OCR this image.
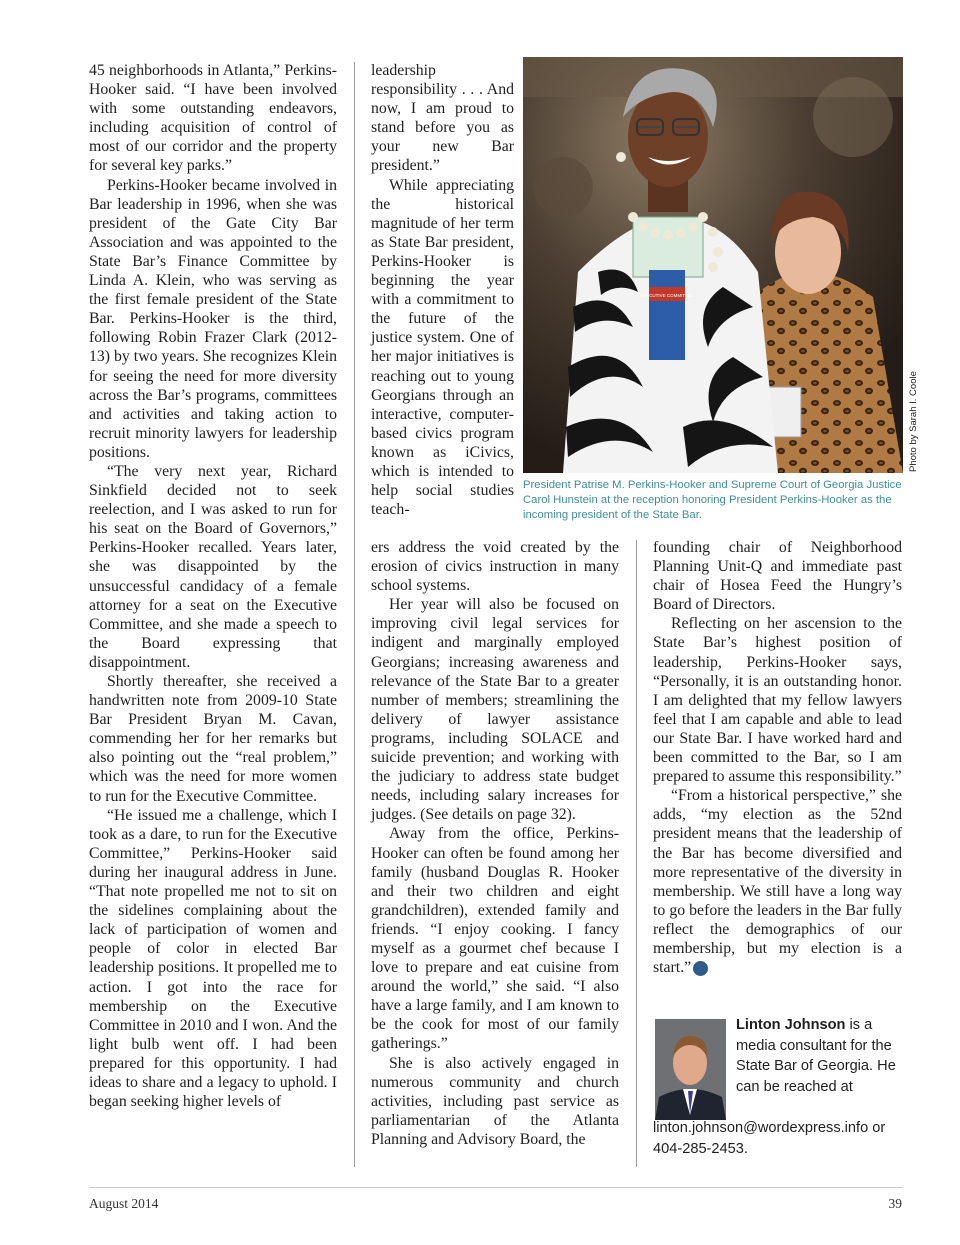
45 neighborhoods in Atlanta,” Perkins-Hooker said. “I have been involved with some outstanding endeavors, including acquisition of control of most of our corridor and the property for several key parks.”

Perkins-Hooker became involved in Bar leadership in 1996, when she was president of the Gate City Bar Association and was appointed to the State Bar’s Finance Committee by Linda A. Klein, who was serving as the first female president of the State Bar. Perkins-Hooker is the third, following Robin Frazer Clark (2012-13) by two years. She recognizes Klein for seeing the need for more diversity across the Bar’s programs, committees and activities and taking action to recruit minority lawyers for leadership positions.

“The very next year, Richard Sinkfield decided not to seek reelection, and I was asked to run for his seat on the Board of Governors,” Perkins-Hooker recalled. Years later, she was disappointed by the unsuccessful candidacy of a female attorney for a seat on the Executive Committee, and she made a speech to the Board expressing that disappointment.

Shortly thereafter, she received a handwritten note from 2009-10 State Bar President Bryan M. Cavan, commending her for her remarks but also pointing out the “real problem,” which was the need for more women to run for the Executive Committee.

“He issued me a challenge, which I took as a dare, to run for the Executive Committee,” Perkins-Hooker said during her inaugural address in June. “That note propelled me not to sit on the sidelines complaining about the lack of participation of women and people of color in elected Bar leadership positions. It propelled me to action. I got into the race for membership on the Executive Committee in 2010 and I won. And the light bulb went off. I had been prepared for this opportunity. I had ideas to share and a legacy to uphold. I began seeking higher levels of

leadership responsibility . . . And now, I am proud to stand before you as your new Bar president.”

While appreciating the historical magnitude of her term as State Bar president, Perkins-Hooker is beginning the year with a commitment to the future of the justice system. One of her major initiatives is reaching out to young Georgians through an interactive, computer-based civics program known as iCivics, which is intended to help social studies teach-

EXECUTIVE COMMITTEE
Photo by Sarah I. Coole
President Patrise M. Perkins-Hooker and Supreme Court of Georgia Justice Carol Hunstein at the reception honoring President Perkins-Hooker as the incoming president of the State Bar.

ers address the void created by the erosion of civics instruction in many school systems.

Her year will also be focused on improving civil legal services for indigent and marginally employed Georgians; increasing awareness and relevance of the State Bar to a greater number of members; streamlining the delivery of lawyer assistance programs, including SOLACE and suicide prevention; and working with the judiciary to address state budget needs, including salary increases for judges. (See details on page 32).

Away from the office, Perkins-Hooker can often be found among her family (husband Douglas R. Hooker and their two children and eight grandchildren), extended family and friends. “I enjoy cooking. I fancy myself as a gourmet chef because I love to prepare and eat cuisine from around the world,” she said. “I also have a large family, and I am known to be the cook for most of our family gatherings.”

She is also actively engaged in numerous community and church activities, including past service as parliamentarian of the Atlanta Planning and Advisory Board, the

founding chair of Neighborhood Planning Unit-Q and immediate past chair of Hosea Feed the Hungry’s Board of Directors.

Reflecting on her ascension to the State Bar’s highest position of leadership, Perkins-Hooker says, “Personally, it is an outstanding honor. I am delighted that my fellow lawyers feel that I am capable and able to lead our State Bar. I have worked hard and been committed to the Bar, so I am prepared to assume this responsibility.”

“From a historical perspective,” she adds, “my election as the 52nd president means that the leadership of the Bar has become diversified and more representative of the diversity in membership. We still have a long way to go before the leaders in the Bar fully reflect the demographics of our membership, but my election is a start.”	GBJ

Linton Johnson is a media consultant for the State Bar of Georgia. He can be reached at linton.johnson@wordexpress.info or 404-285-2453.
August 2014	39
